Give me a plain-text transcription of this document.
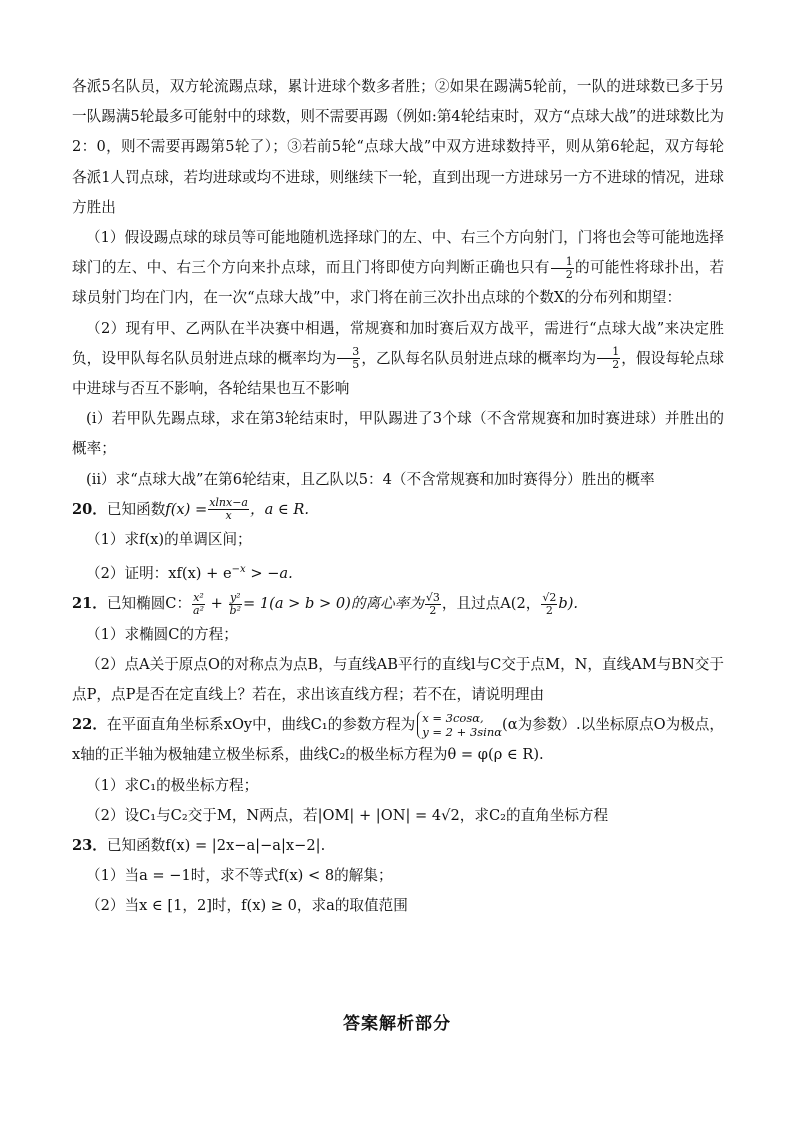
各派5名队员，双方轮流踢点球，累计进球个数多者胜；②如果在踢满5轮前，一队的进球数已多于另一队踢满5轮最多可能射中的球数，则不需要再踢（例如:第4轮结束时，双方“点球大战”的进球数比为2：0，则不需要再踢第5轮了）；③若前5轮“点球大战”中双方进球数持平，则从第6轮起，双方每轮各派1人罚点球，若均进球或均不进球，则继续下一轮，直到出现一方进球另一方不进球的情况，进球方胜出

（1）假设踢点球的球员等可能地随机选择球门的左、中、右三个方向射门，门将也会等可能地选择球门的左、中、右三个方向来扑点球，而且门将即使方向判断正确也只有 $\frac{1}{2}$ 的可能性将球扑出，若球员射门均在门内，在一次“点球大战”中，求门将在前三次扑出点球的个数X的分布列和期望：

（2）现有甲、乙两队在半决赛中相遇，常规赛和加时赛后双方战平，需进行“点球大战”来决定胜负，设甲队每名队员射进点球的概率均为 $\frac{3}{5}$ ，乙队每名队员射进点球的概率均为 $\frac{1}{2}$ ，假设每轮点球中进球与否互不影响，各轮结果也互不影响

(ⅰ）若甲队先踢点球，求在第3轮结束时，甲队踢进了3个球（不含常规赛和加时赛进球）并胜出的概率；

(ⅱ）求“点球大战”在第6轮结束，且乙队以5：4（不含常规赛和加时赛得分）胜出的概率

20．已知函数$f(x) = \frac{xlnx-a}{x}$ ，a ∈ R.

（1）求f(x)的单调区间；

（2）证明：$xf(x) + e^{-x} > -a$.

21．已知椭圆C： $\frac{\text{x²}}{\text{a²}} + \frac{\text{y²}}{\text{b²}} = 1(a > b > 0)$的离心率为 $\frac{√3}{2}$ ，且过点A(2， $\frac{√2}{2} b$).

（1）求椭圆C的方程；

（2）点A关于原点O的对称点为点B，与直线AB平行的直线l与C交于点M，N，直线AM与BN交于点P，点P是否在定直线上？若在，求出该直线方程；若不在，请说明理由

22．在平面直角坐标系xOy中，曲线C₁的参数方程为 x = 3cosα,
y = 2 + 3sinα (α为参数）.以坐标原点O为极点，x轴的正半轴为极轴建立极坐标系，曲线C₂的极坐标方程为θ = φ(ρ ∈ R).

（1）求C₁的极坐标方程；

（2）设C₁与C₂交于M，N两点，若|OM| + |ON| = 4√2，求C₂的直角坐标方程

23．已知函数f(x) = |2x−a|−a|x−2|.

（1）当a = −1时，求不等式f(x) < 8的解集；

（2）当x ∈ [1，2]时，f(x) ≥ 0，求a的取值范围

答案解析部分
